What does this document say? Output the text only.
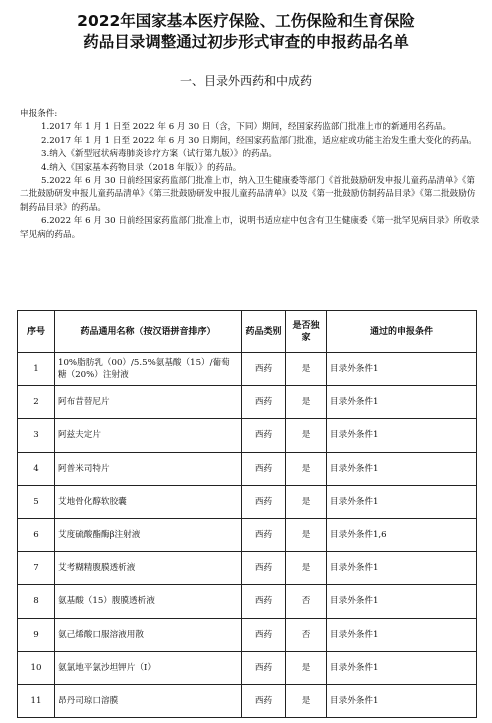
2022年国家基本医疗保险、工伤保险和生育保险
药品目录调整通过初步形式审查的申报药品名单
一、目录外西药和中成药

申报条件:

1.2017 年 1 月 1 日至 2022 年 6 月 30 日（含，下同）期间，经国家药监部门批准上市的新通用名药品。

2.2017 年 1 月 1 日至 2022 年 6 月 30 日期间，经国家药监部门批准，适应症或功能主治发生重大变化的药品。

3.纳入《新型冠状病毒肺炎诊疗方案（试行第九版）》的药品。

4.纳入《国家基本药物目录（2018 年版）》的药品。

5.2022 年 6 月 30 日前经国家药监部门批准上市，纳入卫生健康委等部门《首批鼓励研发申报儿童药品清单》《第二批鼓励研发申报儿童药品清单》《第三批鼓励研发申报儿童药品清单》以及《第一批鼓励仿制药品目录》《第二批鼓励仿制药品目录》的药品。

6.2022 年 6 月 30 日前经国家药监部门批准上市，说明书适应症中包含有卫生健康委《第一批罕见病目录》所收录罕见病的药品。

序号	药品通用名称（按汉语拼音排序）	药品类别	是否独家	通过的申报条件
1	10%脂肪乳（00）/5.5%氨基酸（15）/葡萄糖（20%）注射液	西药	是	目录外条件1
2	阿布昔替尼片	西药	是	目录外条件1
3	阿兹夫定片	西药	是	目录外条件1
4	阿普米司特片	西药	是	目录外条件1
5	艾地骨化醇软胶囊	西药	是	目录外条件1
6	艾度硫酸酯酶β注射液	西药	是	目录外条件1,6
7	艾考糊精腹膜透析液	西药	是	目录外条件1
8	氨基酸（15）腹膜透析液	西药	否	目录外条件1
9	氨己烯酸口服溶液用散	西药	否	目录外条件1
10	氨氯地平氯沙坦钾片（Ⅰ）	西药	是	目录外条件1
11	昂丹司琼口溶膜	西药	是	目录外条件1
